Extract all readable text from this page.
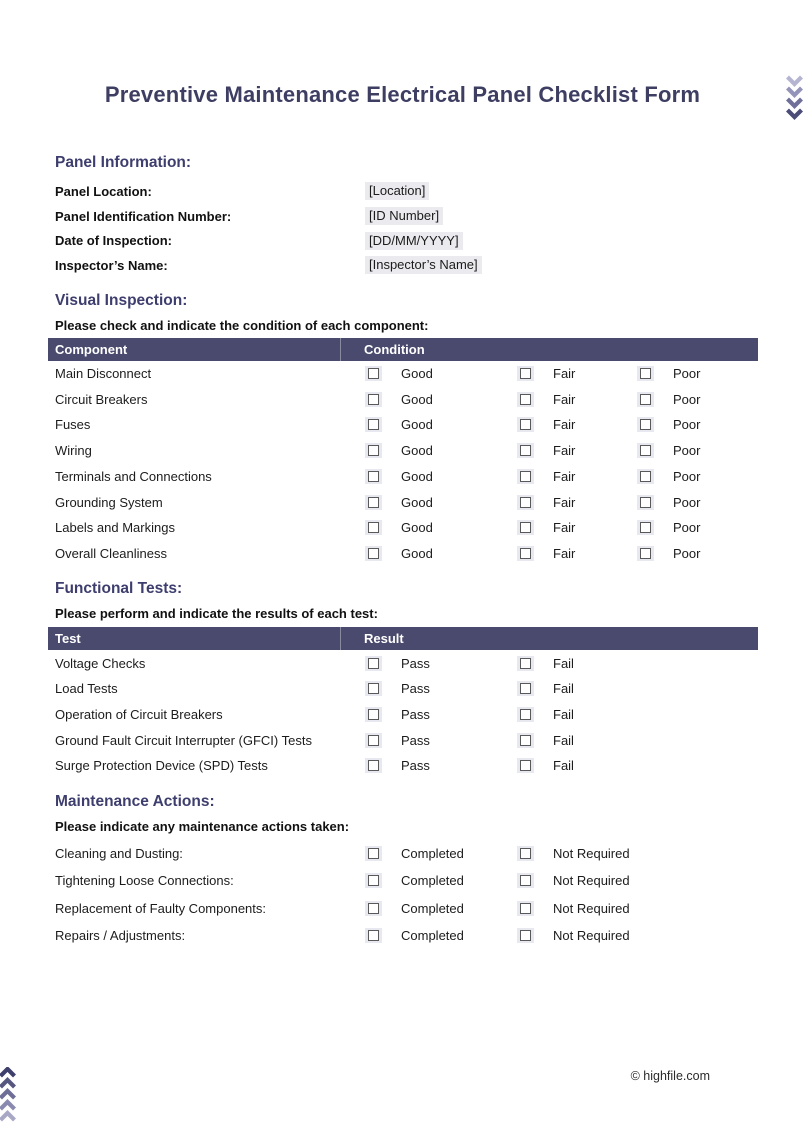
Preventive Maintenance Electrical Panel Checklist Form
Panel Information:
Panel Location:	[Location]
Panel Identification Number:	[ID Number]
Date of Inspection:	[DD/MM/YYYY]
Inspector’s Name:	[Inspector’s Name]
Visual Inspection:
Please check and indicate the condition of each component:
Component	Condition
Main Disconnect	Good	Fair	Poor
Circuit Breakers	Good	Fair	Poor
Fuses	Good	Fair	Poor
Wiring	Good	Fair	Poor
Terminals and Connections	Good	Fair	Poor
Grounding System	Good	Fair	Poor
Labels and Markings	Good	Fair	Poor
Overall Cleanliness	Good	Fair	Poor
Functional Tests:
Please perform and indicate the results of each test:
Test	Result
Voltage Checks	Pass	Fail
Load Tests	Pass	Fail
Operation of Circuit Breakers	Pass	Fail
Ground Fault Circuit Interrupter (GFCI) Tests	Pass	Fail
Surge Protection Device (SPD) Tests	Pass	Fail
Maintenance Actions:
Please indicate any maintenance actions taken:
Cleaning and Dusting:	Completed	Not Required
Tightening Loose Connections:	Completed	Not Required
Replacement of Faulty Components:	Completed	Not Required
Repairs / Adjustments:	Completed	Not Required
© highfile.com
